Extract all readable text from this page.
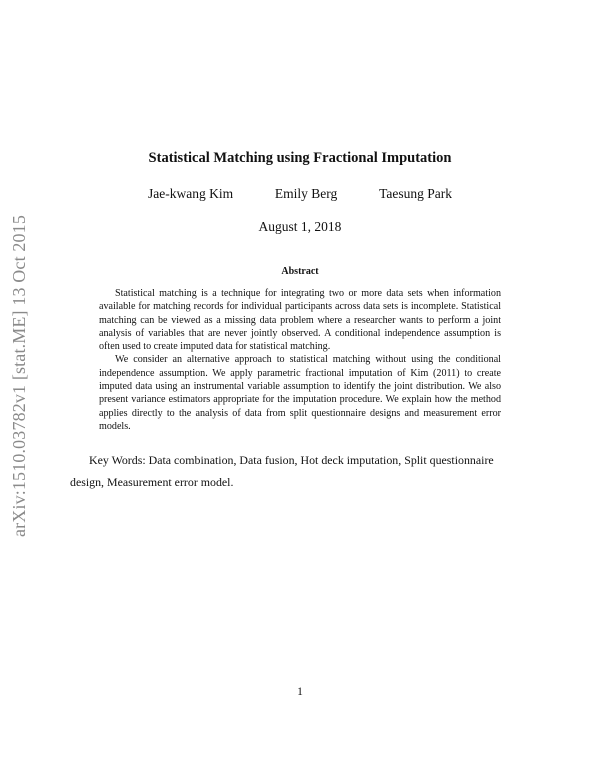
arXiv:1510.03782v1 [stat.ME] 13 Oct 2015
Statistical Matching using Fractional Imputation
Jae-kwang Kim	Emily Berg	Taesung Park
August 1, 2018
Abstract

Statistical matching is a technique for integrating two or more data sets when information available for matching records for individual participants across data sets is incomplete. Statistical matching can be viewed as a missing data problem where a researcher wants to perform a joint analysis of variables that are never jointly observed. A conditional independence assumption is often used to create imputed data for statistical matching.

We consider an alternative approach to statistical matching without using the conditional independence assumption. We apply parametric fractional imputation of Kim (2011) to create imputed data using an instrumental variable assumption to identify the joint distribution. We also present variance estimators appropriate for the imputation procedure. We explain how the method applies directly to the analysis of data from split questionnaire designs and measurement error models.

Key Words: Data combination, Data fusion, Hot deck imputation, Split questionnaire design, Measurement error model.
1
